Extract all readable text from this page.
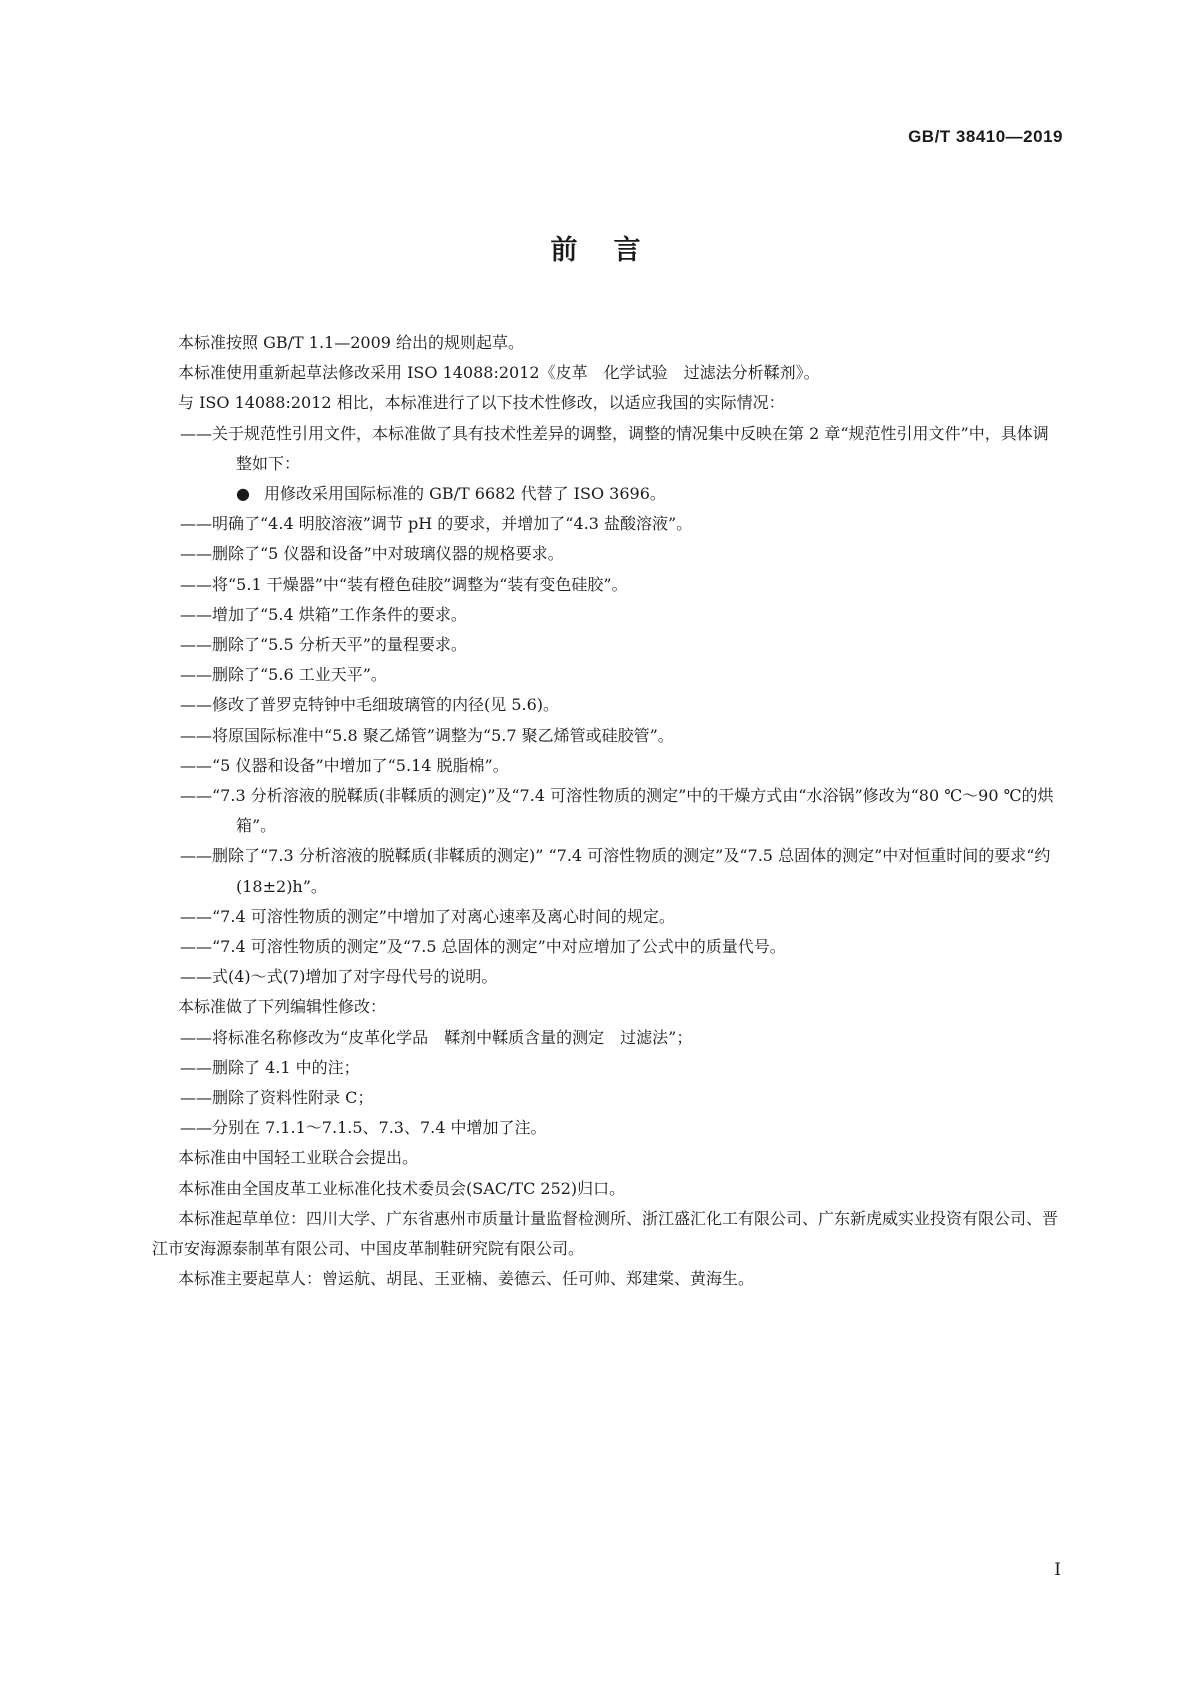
GB/T 38410—2019
前言

本标准按照 GB/T 1.1—2009 给出的规则起草。

本标准使用重新起草法修改采用 ISO 14088:2012《皮革　化学试验　过滤法分析鞣剂》。

与 ISO 14088:2012 相比，本标准进行了以下技术性修改，以适应我国的实际情况：

——关于规范性引用文件，本标准做了具有技术性差异的调整，调整的情况集中反映在第 2 章“规范性引用文件”中，具体调整如下：

● 用修改采用国际标准的 GB/T 6682 代替了 ISO 3696。

——明确了“4.4 明胶溶液”调节 pH 的要求，并增加了“4.3 盐酸溶液”。

——删除了“5 仪器和设备”中对玻璃仪器的规格要求。

——将“5.1 干燥器”中“装有橙色硅胶”调整为“装有变色硅胶”。

——增加了“5.4 烘箱”工作条件的要求。

——删除了“5.5 分析天平”的量程要求。

——删除了“5.6 工业天平”。

——修改了普罗克特钟中毛细玻璃管的内径(见 5.6)。

——将原国际标准中“5.8 聚乙烯管”调整为“5.7 聚乙烯管或硅胶管”。

——“5 仪器和设备”中增加了“5.14 脱脂棉”。

——“7.3 分析溶液的脱鞣质(非鞣质的测定)”及“7.4 可溶性物质的测定”中的干燥方式由“水浴锅”修改为“80 ℃～90 ℃的烘箱”。

——删除了“7.3 分析溶液的脱鞣质(非鞣质的测定)” “7.4 可溶性物质的测定”及“7.5 总固体的测定”中对恒重时间的要求“约(18±2)h”。

——“7.4 可溶性物质的测定”中增加了对离心速率及离心时间的规定。

——“7.4 可溶性物质的测定”及“7.5 总固体的测定”中对应增加了公式中的质量代号。

——式(4)～式(7)增加了对字母代号的说明。

本标准做了下列编辑性修改：

——将标准名称修改为“皮革化学品　鞣剂中鞣质含量的测定　过滤法”；

——删除了 4.1 中的注；

——删除了资料性附录 C；

——分别在 7.1.1～7.1.5、7.3、7.4 中增加了注。

本标准由中国轻工业联合会提出。

本标准由全国皮革工业标准化技术委员会(SAC/TC 252)归口。

本标准起草单位：四川大学、广东省惠州市质量计量监督检测所、浙江盛汇化工有限公司、广东新虎威实业投资有限公司、晋江市安海源泰制革有限公司、中国皮革制鞋研究院有限公司。

本标准主要起草人：曾运航、胡昆、王亚楠、姜德云、任可帅、郑建棠、黄海生。

I
